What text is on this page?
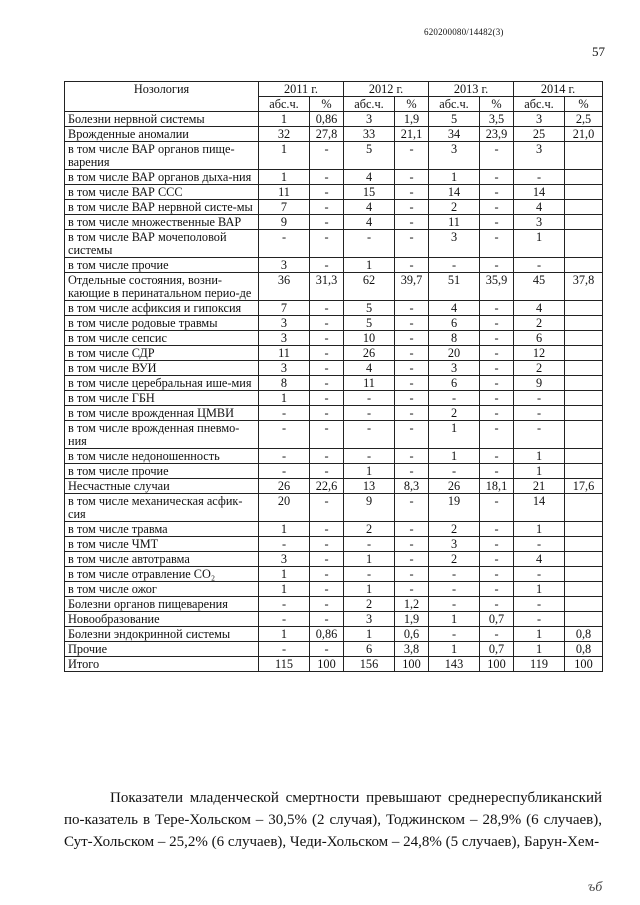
620200080/14482(3)
57
Нозология	2011 г.		2012 г.		2013 г.		2014 г.	
	абс.ч.	%	абс.ч.	%	абс.ч.	%	абс.ч.	%
Болезни нервной системы	1	0,86	3	1,9	5	3,5	3	2,5
Врожденные аномалии	32	27,8	33	21,1	34	23,9	25	21,0
в том числе ВАР органов пище-варения	1	-	5	-	3	-	3	
в том числе ВАР органов дыха-ния	1	-	4	-	1	-	-	
в том числе ВАР ССС	11	-	15	-	14	-	14	
в том числе ВАР нервной систе-мы	7	-	4	-	2	-	4	
в том числе множественные ВАР	9	-	4	-	11	-	3	
в том числе ВАР мочеполовой системы	-	-	-	-	3	-	1	
в том числе прочие	3	-	1	-	-	-	-	
Отдельные состояния, возни-кающие в перинатальном перио-де	36	31,3	62	39,7	51	35,9	45	37,8
в том числе асфиксия и гипоксия	7	-	5	-	4	-	4	
в том числе родовые травмы	3	-	5	-	6	-	2	
в том числе сепсис	3	-	10	-	8	-	6	
в том числе СДР	11	-	26	-	20	-	12	
в том числе ВУИ	3	-	4	-	3	-	2	
в том числе церебральная ише-мия	8	-	11	-	6	-	9	
в том числе ГБН	1	-	-	-	-	-	-	
в том числе врожденная ЦМВИ	-	-	-	-	2	-	-	
в том числе врожденная пневмо-ния	-	-	-	-	1	-	-	
в том числе недоношенность	-	-	-	-	1	-	1	
в том числе прочие	-	-	1	-	-	-	1	
Несчастные случаи	26	22,6	13	8,3	26	18,1	21	17,6
в том числе механическая асфик-сия	20	-	9	-	19	-	14	
в том числе травма	1	-	2	-	2	-	1	
в том числе ЧМТ	-	-	-	-	3	-	-	
в том числе автотравма	3	-	1	-	2	-	4	
в том числе отравление СО₂	1	-	-	-	-	-	-	
в том числе ожог	1	-	1	-	-	-	1	
Болезни органов пищеварения	-	-	2	1,2	-	-	-	
Новообразование	-	-	3	1,9	1	0,7	-	
Болезни эндокринной системы	1	0,86	1	0,6	-	-	1	0,8
Прочие	-	-	6	3,8	1	0,7	1	0,8
Итого	115	100	156	100	143	100	119	100

Показатели младенческой смертности превышают среднереспубликанский по-казатель в Тере-Хольском – 30,5% (2 случая), Тоджинском – 28,9% (6 случаев), Сут-Хольском – 25,2% (6 случаев), Чеди-Хольском – 24,8% (5 случаев), Барун-Хем-

ъб
